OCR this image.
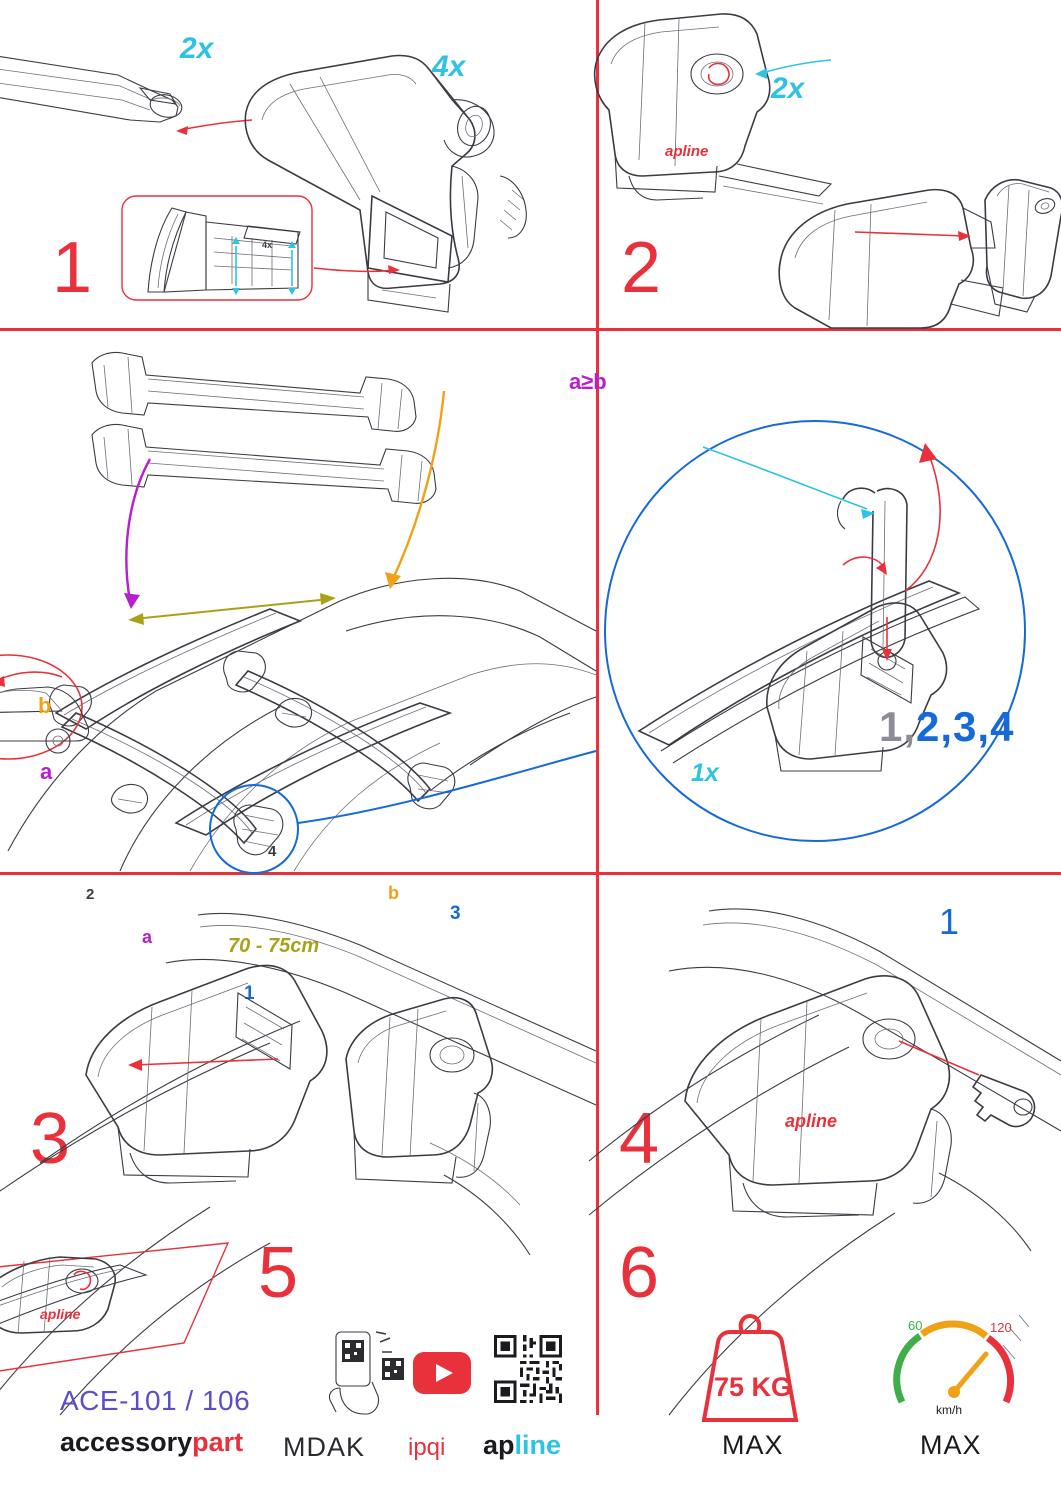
4x
2x
4x
1
apline
2x
2
b
a
a
b
70 - 75cm
1
2
3
4
3
a≥b
1x
1,2,3,4
1
4
apline
5
apline
6
ACE-101 / 106
accessorypart	MDAK ipqi apline
75 KG
MAX
60	120
km/h
MAX
